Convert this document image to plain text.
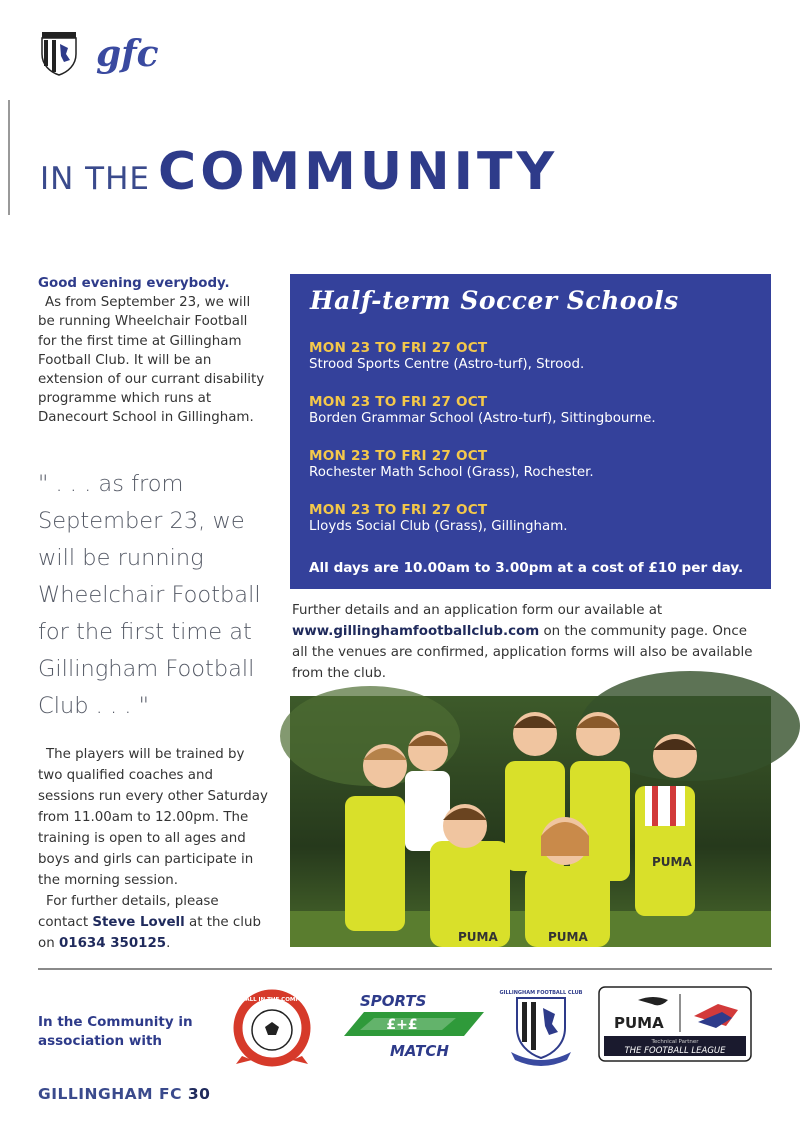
gfc
IN THE COMMUNITY
Good evening everybody.
As from September 23, we will be running Wheelchair Football for the first time at Gillingham Football Club. It will be an extension of our currant disability programme which runs at Danecourt School in Gillingham.
" . . . as from September 23, we will be running Wheelchair Football for the first time at Gillingham Football Club . . . "

The players will be trained by two qualified coaches and sessions run every other Saturday from 11.00am to 12.00pm. The training is open to all ages and boys and girls can participate in the morning session.

For further details, please contact Steve Lovell at the club on 01634 350125.

Half-term Soccer Schools
MON 23 TO FRI 27 OCT
Strood Sports Centre (Astro-turf), Strood.
MON 23 TO FRI 27 OCT
Borden Grammar School (Astro-turf), Sittingbourne.
MON 23 TO FRI 27 OCT
Rochester Math School (Grass), Rochester.
MON 23 TO FRI 27 OCT
Lloyds Social Club (Grass), Gillingham.
All days are 10.00am to 3.00pm at a cost of £10 per day.
Further details and an application form our available at www.gillinghamfootballclub.com on the community page. Once all the venues are confirmed, application forms will also be available from the club.
PUMA	PUMA
PUMA
In the Community in association with
FOOTBALL IN THE COMMUNITY
£+£
SPORTS
MATCH
GILLINGHAM FOOTBALL CLUB
PUMA
Technical Partner
THE FOOTBALL LEAGUE
GILLINGHAM FC 30
